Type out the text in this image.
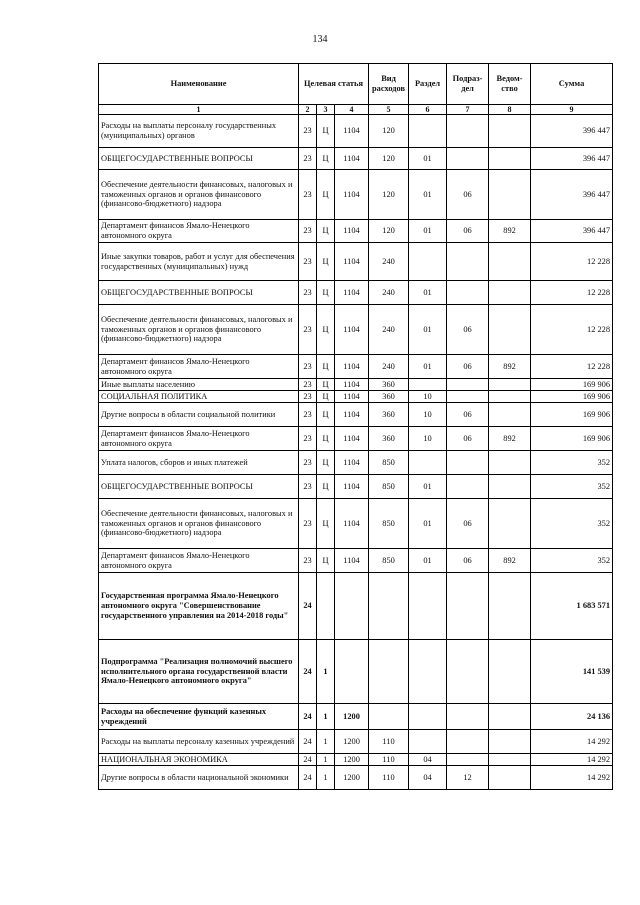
134
Наименование	Целевая статья			Вид расходов	Раздел	Подраз-дел	Ведом-ство	Сумма
1	2	3	4	5	6	7	8	9
Расходы на выплаты персоналу государственных (муниципальных) органов	23	Ц	1104	120				396 447
ОБЩЕГОСУДАРСТВЕННЫЕ ВОПРОСЫ	23	Ц	1104	120	01			396 447
Обеспечение деятельности финансовых, налоговых и таможенных органов и органов финансового (финансово-бюджетного) надзора	23	Ц	1104	120	01	06		396 447
Департамент финансов Ямало-Ненецкого автономного округа	23	Ц	1104	120	01	06	892	396 447
Иные закупки товаров, работ и услуг для обеспечения государственных (муниципальных) нужд	23	Ц	1104	240				12 228
ОБЩЕГОСУДАРСТВЕННЫЕ ВОПРОСЫ	23	Ц	1104	240	01			12 228
Обеспечение деятельности финансовых, налоговых и таможенных органов и органов финансового (финансово-бюджетного) надзора	23	Ц	1104	240	01	06		12 228
Департамент финансов Ямало-Ненецкого автономного округа	23	Ц	1104	240	01	06	892	12 228
Иные выплаты населению	23	Ц	1104	360				169 906
СОЦИАЛЬНАЯ ПОЛИТИКА	23	Ц	1104	360	10			169 906
Другие вопросы в области социальной политики	23	Ц	1104	360	10	06		169 906
Департамент финансов Ямало-Ненецкого автономного округа	23	Ц	1104	360	10	06	892	169 906
Уплата налогов, сборов и иных платежей	23	Ц	1104	850				352
ОБЩЕГОСУДАРСТВЕННЫЕ ВОПРОСЫ	23	Ц	1104	850	01			352
Обеспечение деятельности финансовых, налоговых и таможенных органов и органов финансового (финансово-бюджетного) надзора	23	Ц	1104	850	01	06		352
Департамент финансов Ямало-Ненецкого автономного округа	23	Ц	1104	850	01	06	892	352
Государственная программа Ямало-Ненецкого автономного округа "Совершенствование государственного управления на 2014-2018 годы"	24							1 683 571
Подпрограмма "Реализация полномочий высшего исполнительного органа государственной власти Ямало-Ненецкого автономного округа"	24	1						141 539
Расходы на обеспечение функций казенных учреждений	24	1	1200					24 136
Расходы на выплаты персоналу казенных учреждений	24	1	1200	110				14 292
НАЦИОНАЛЬНАЯ ЭКОНОМИКА	24	1	1200	110	04			14 292
Другие вопросы в области национальной экономики	24	1	1200	110	04	12		14 292
